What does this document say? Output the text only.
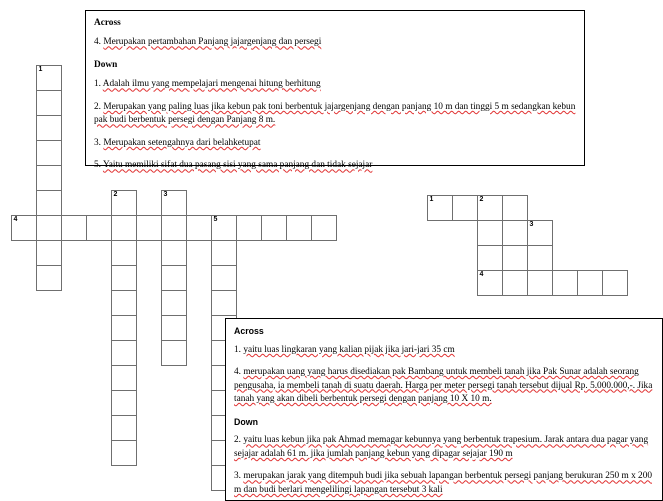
1
2	3
4	5
1	2
3
4
Across

4. Merupakan pertambahan Panjang jajargenjang dan persegi

Down

1. Adalah ilmu yang mempelajari mengenai hitung berhitung

2. Merupakan yang paling luas jika kebun pak toni berbentuk jajargenjang dengan panjang 10 m dan tinggi 5 m sedangkan kebun pak budi berbentuk persegi dengan Panjang 8 m.

3. Merupakan setengahnya dari belahketupat

5. Yaitu memiliki sifat dua pasang sisi yang sama panjang dan tidak sejajar

Across

1. yaitu luas lingkaran yang kalian pijak jika jari-jari 35 cm

4. merupakan uang yang harus disediakan pak Bambang untuk membeli tanah jika Pak Sunar adalah seorang pengusaha, ia membeli tanah di suatu daerah. Harga per meter persegi tanah tersebut dijual Rp. 5.000.000,-. Jika tanah yang akan dibeli berbentuk persegi dengan panjang 10 X 10 m.

Down

2. yaitu luas kebun jika pak Ahmad memagar kebunnya yang berbentuk trapesium. Jarak antara dua pagar yang sejajar adalah 61 m. jika jumlah panjang kebun yang dipagar sejajar 190 m

3. merupakan jarak yang ditempuh budi jika sebuah lapangan berbentuk persegi panjang berukuran 250 m x 200 m dan budi berlari mengelilingi lapangan tersebut 3 kali
